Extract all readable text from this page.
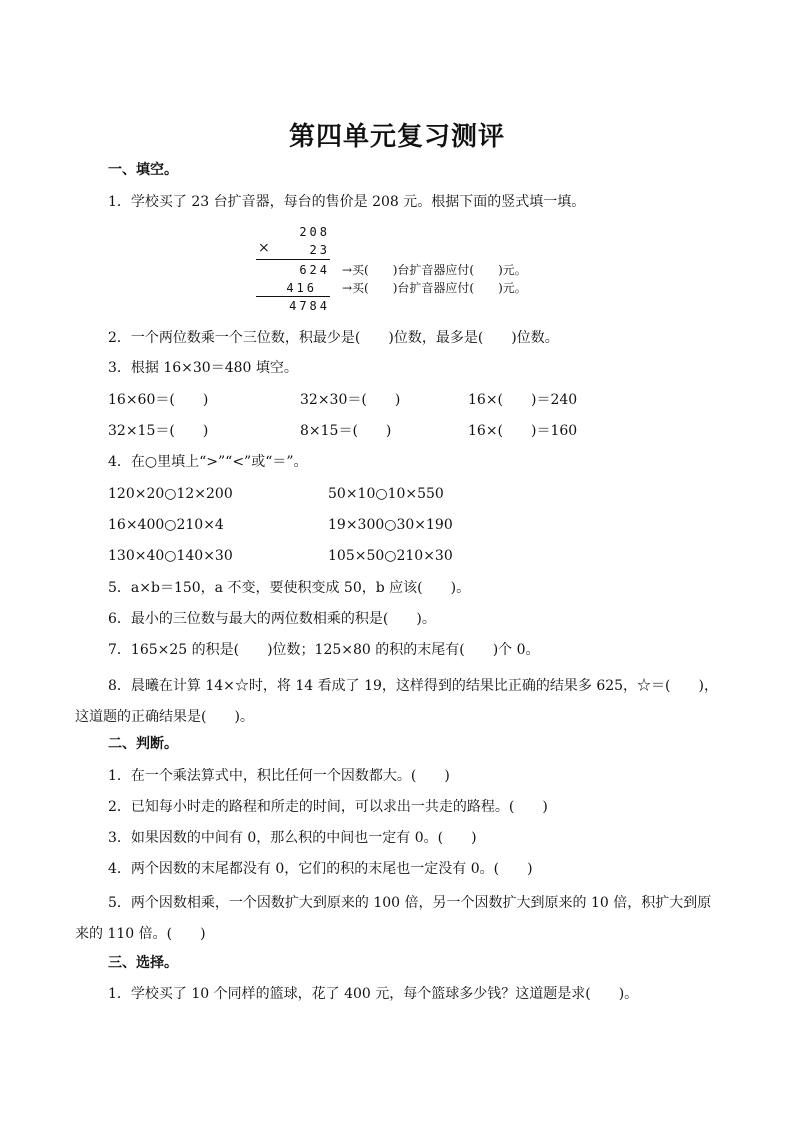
第四单元复习测评
一、填空。
1．学校买了 23 台扩音器，每台的售价是 208 元。根据下面的竖式填一填。
208
×	23
624 →买(　　)台扩音器应付(　　)元。
416 →买(　　)台扩音器应付(　　)元。
4784
2．一个两位数乘一个三位数，积最少是(　　)位数，最多是(　　)位数。
3．根据 16×30＝480 填空。
16×60＝(　　)	32×30＝(　　)	16×(　　)＝240
32×15＝(　　)	8×15＝(　　)	16×(　　)＝160
4．在○里填上“>”“<”或“＝”。
120×20○12×200	50×10○10×550
16×400○210×4	19×300○30×190
130×40○140×30	105×50○210×30
5．a×b＝150，a 不变，要使积变成 50，b 应该(　　)。
6．最小的三位数与最大的两位数相乘的积是(　　)。
7．165×25 的积是(　　)位数；125×80 的积的末尾有(　　)个 0。
8．晨曦在计算 14×☆时，将 14 看成了 19，这样得到的结果比正确的结果多 625，☆＝(　　)，这道题的正确结果是(　　)。
二、判断。
1．在一个乘法算式中，积比任何一个因数都大。(　　)
2．已知每小时走的路程和所走的时间，可以求出一共走的路程。(　　)
3．如果因数的中间有 0，那么积的中间也一定有 0。(　　)
4．两个因数的末尾都没有 0，它们的积的末尾也一定没有 0。(　　)
5．两个因数相乘，一个因数扩大到原来的 100 倍，另一个因数扩大到原来的 10 倍，积扩大到原来的 110 倍。(　　)
三、选择。
1．学校买了 10 个同样的篮球，花了 400 元，每个篮球多少钱？这道题是求(　　)。
